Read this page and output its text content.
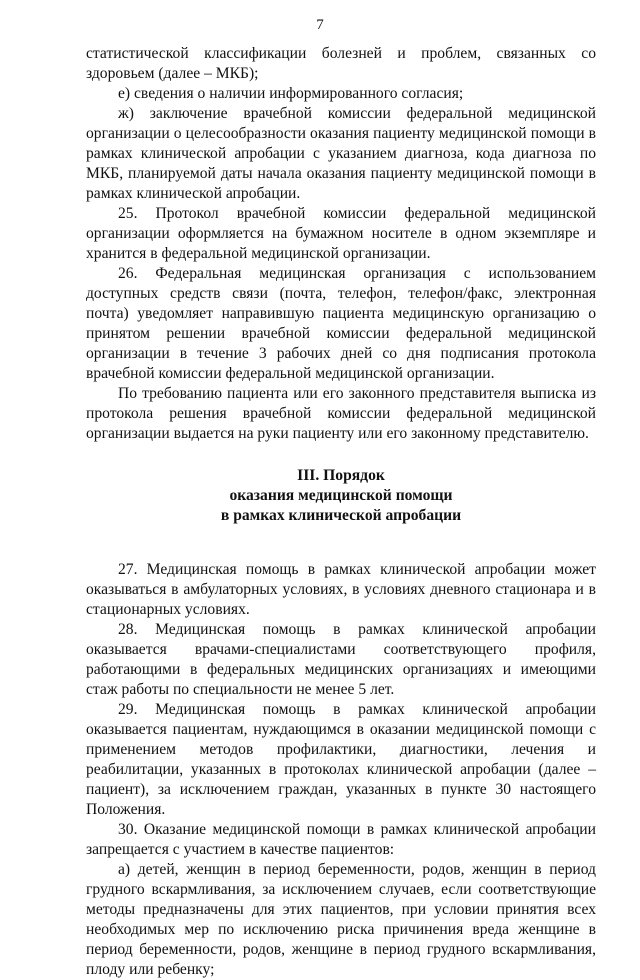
7

статистической классификации болезней и проблем, связанных со здоровьем (далее – МКБ);

е) сведения о наличии информированного согласия;

ж) заключение врачебной комиссии федеральной медицинской организации о целесообразности оказания пациенту медицинской помощи в рамках клинической апробации с указанием диагноза, кода диагноза по МКБ, планируемой даты начала оказания пациенту медицинской помощи в рамках клинической апробации.

25. Протокол врачебной комиссии федеральной медицинской организации оформляется на бумажном носителе в одном экземпляре и хранится в федеральной медицинской организации.

26. Федеральная медицинская организация с использованием доступных средств связи (почта, телефон, телефон/факс, электронная почта) уведомляет направившую пациента медицинскую организацию о принятом решении врачебной комиссии федеральной медицинской организации в течение 3 рабочих дней со дня подписания протокола врачебной комиссии федеральной медицинской организации.

По требованию пациента или его законного представителя выписка из протокола решения врачебной комиссии федеральной медицинской организации выдается на руки пациенту или его законному представителю.

III. Порядок
оказания медицинской помощи
в рамках клинической апробации

27. Медицинская помощь в рамках клинической апробации может оказываться в амбулаторных условиях, в условиях дневного стационара и в стационарных условиях.

28. Медицинская помощь в рамках клинической апробации оказывается врачами-специалистами соответствующего профиля, работающими в федеральных медицинских организациях и имеющими стаж работы по специальности не менее 5 лет.

29. Медицинская помощь в рамках клинической апробации оказывается пациентам, нуждающимся в оказании медицинской помощи с применением методов профилактики, диагностики, лечения и реабилитации, указанных в протоколах клинической апробации (далее – пациент), за исключением граждан, указанных в пункте 30 настоящего Положения.

30. Оказание медицинской помощи в рамках клинической апробации запрещается с участием в качестве пациентов:

а) детей, женщин в период беременности, родов, женщин в период грудного вскармливания, за исключением случаев, если соответствующие методы предназначены для этих пациентов, при условии принятия всех необходимых мер по исключению риска причинения вреда женщине в период беременности, родов, женщине в период грудного вскармливания, плоду или ребенку;
